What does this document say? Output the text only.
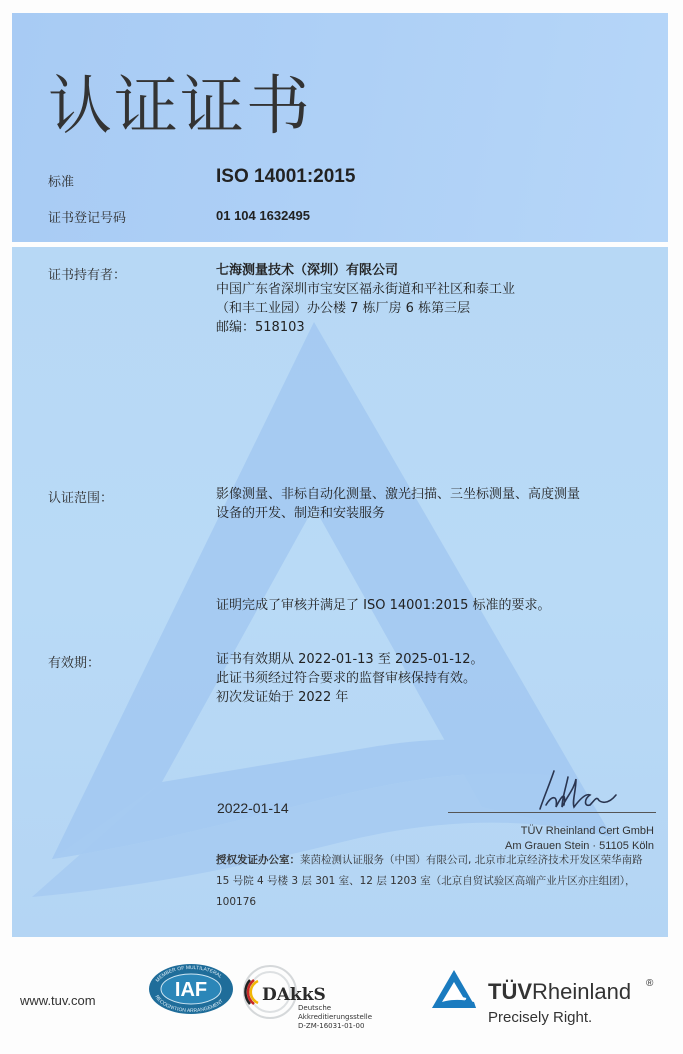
认证证书
标准	ISO 14001:2015
证书登记号码	01 104 1632495
证书持有者：	七海测量技术（深圳）有限公司
中国广东省深圳市宝安区福永街道和平社区和泰工业
（和丰工业园）办公楼 7 栋厂房 6 栋第三层
邮编：518103
认证范围：	影像测量、非标自动化测量、激光扫描、三坐标测量、高度测量
设备的开发、制造和安装服务
证明完成了审核并满足了 ISO 14001:2015 标准的要求。
有效期：	证书有效期从 2022-01-13 至 2025-01-12。
此证书须经过符合要求的监督审核保持有效。
初次发证始于 2022 年
2022-01-14
TÜV Rheinland Cert GmbH
Am Grauen Stein · 51105 Köln
授权发证办公室：莱茵检测认证服务（中国）有限公司, 北京市北京经济技术开发区荣华南路
15 号院 4 号楼 3 层 301 室、12 层 1203 室（北京自贸试验区高端产业片区亦庄组团），
100176
www.tuv.com	IAF
MEMBER OF MULTILATERAL
RECOGNITION ARRANGEMENT DAkkS
Deutsche
Akkreditierungsstelle
D-ZM-16031-01-00
TÜVRheinland ®
Precisely Right.
